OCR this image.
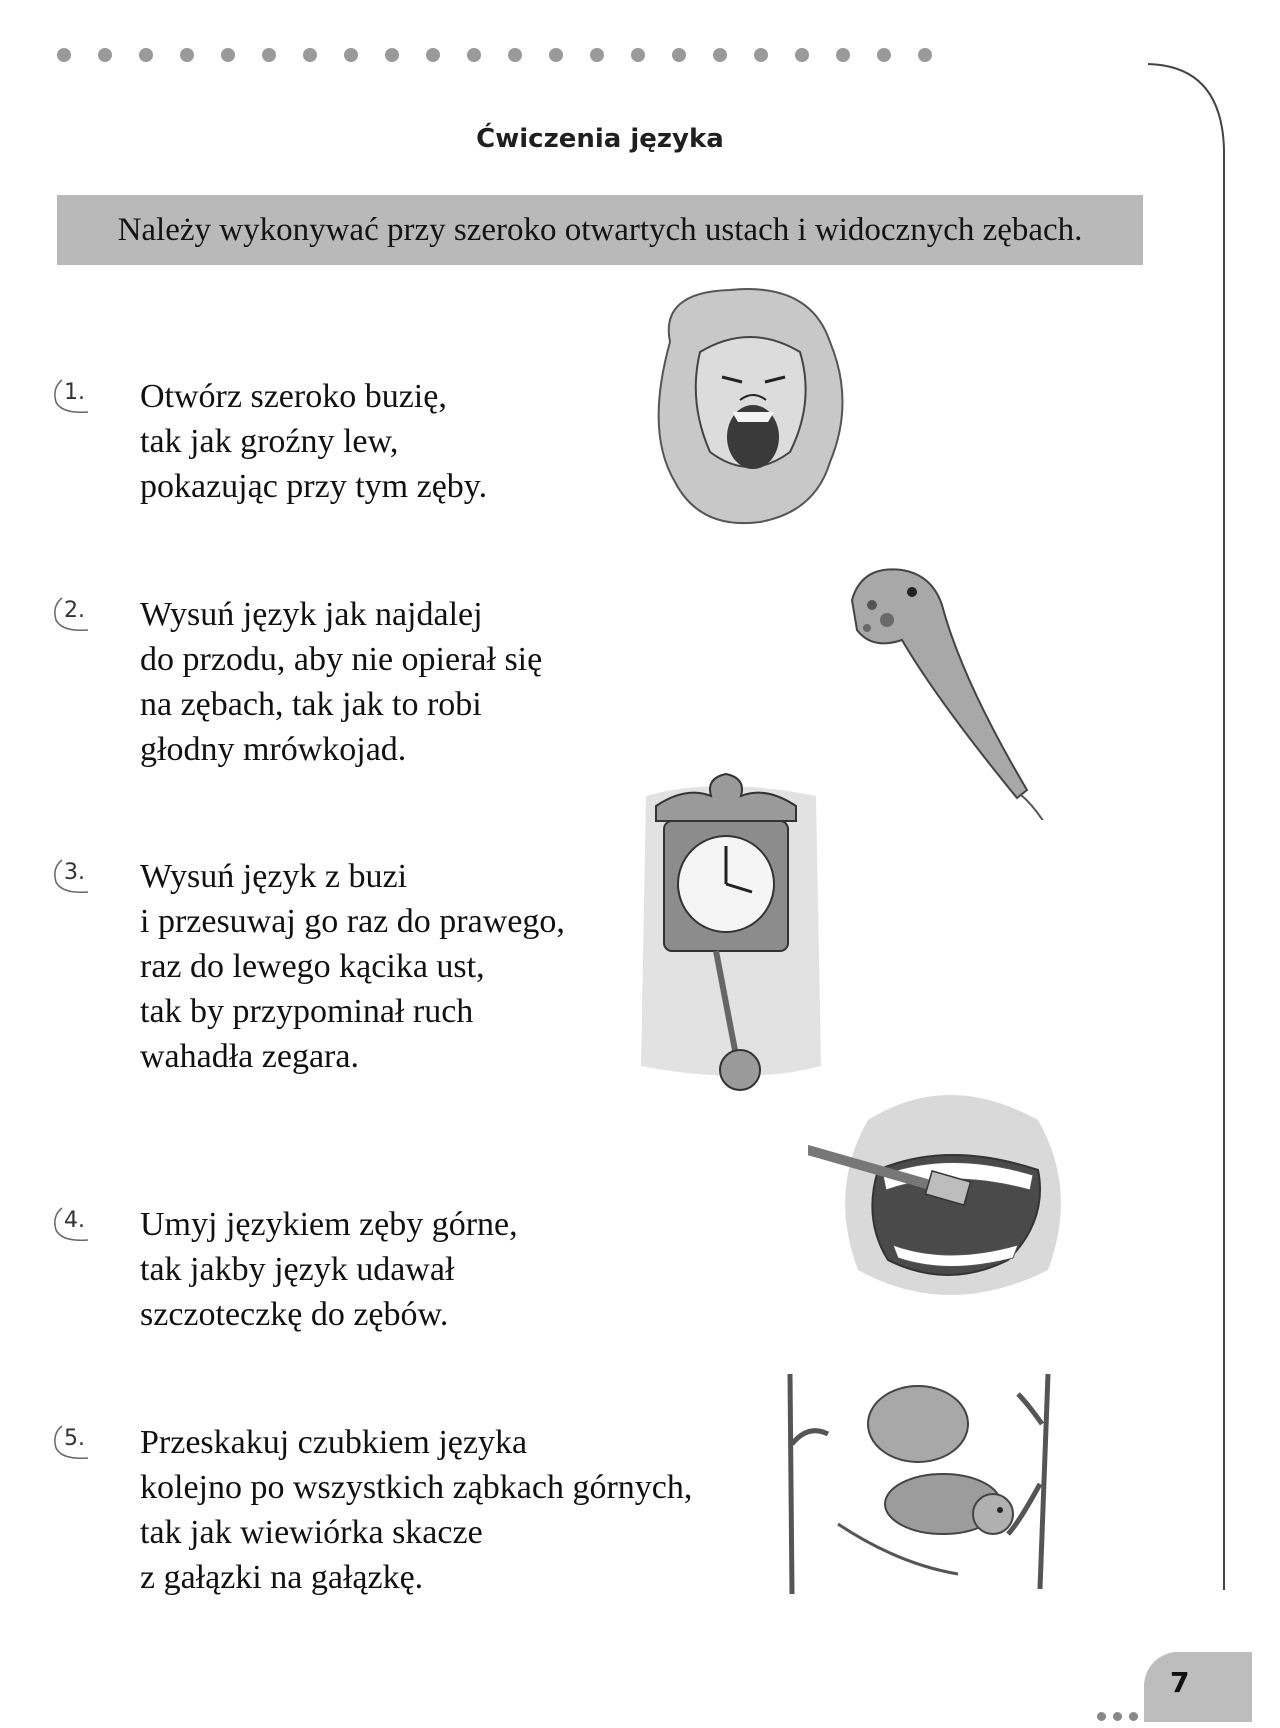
Ćwiczenia języka
Należy wykonywać przy szeroko otwartych ustach i widocznych zębach.
1. Otwórz szeroko buzię,
tak jak groźny lew,
pokazując przy tym zęby.
2. Wysuń język jak najdalej
do przodu, aby nie opierał się
na zębach, tak jak to robi
głodny mrówkojad.
3. Wysuń język z buzi
i przesuwaj go raz do prawego,
raz do lewego kącika ust,
tak by przypominał ruch
wahadła zegara.
4. Umyj językiem zęby górne,
tak jakby język udawał
szczoteczkę do zębów.
5. Przeskakuj czubkiem języka
kolejno po wszystkich ząbkach górnych,
tak jak wiewiórka skacze
z gałązki na gałązkę.
7
